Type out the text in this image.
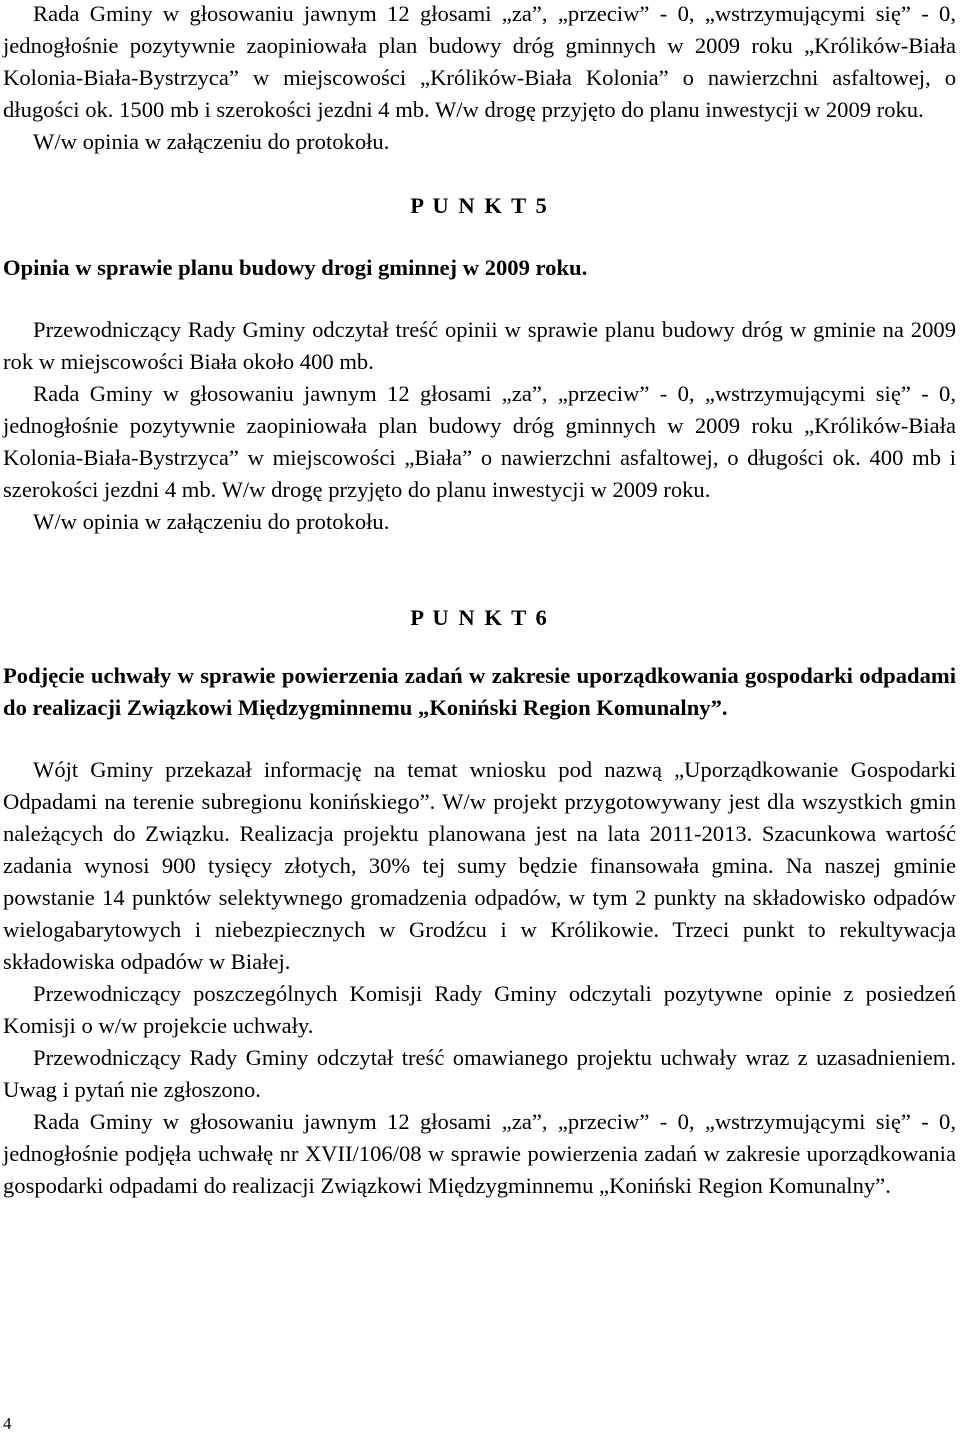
Rada Gminy w głosowaniu jawnym 12 głosami „za”, „przeciw” - 0, „wstrzymującymi się” - 0, jednogłośnie pozytywnie zaopiniowała plan budowy dróg gminnych w 2009 roku „Królików-Biała Kolonia-Biała-Bystrzyca” w miejscowości „Królików-Biała Kolonia” o nawierzchni asfaltowej, o długości ok. 1500 mb i szerokości jezdni 4 mb. W/w drogę przyjęto do planu inwestycji w 2009 roku.

W/w opinia w załączeniu do protokołu.

P U N K T 5

Opinia w sprawie planu budowy drogi gminnej w 2009 roku.

Przewodniczący Rady Gminy odczytał treść opinii w sprawie planu budowy dróg w gminie na 2009 rok w miejscowości Biała około 400 mb.

Rada Gminy w głosowaniu jawnym 12 głosami „za”, „przeciw” - 0, „wstrzymującymi się” - 0, jednogłośnie pozytywnie zaopiniowała plan budowy dróg gminnych w 2009 roku „Królików-Biała Kolonia-Biała-Bystrzyca” w miejscowości „Biała” o nawierzchni asfaltowej, o długości ok. 400 mb i szerokości jezdni 4 mb. W/w drogę przyjęto do planu inwestycji w 2009 roku.

W/w opinia w załączeniu do protokołu.

P U N K T 6

Podjęcie uchwały w sprawie powierzenia zadań w zakresie uporządkowania gospodarki odpadami do realizacji Związkowi Międzygminnemu „Koniński Region Komunalny”.

Wójt Gminy przekazał informację na temat wniosku pod nazwą „Uporządkowanie Gospodarki Odpadami na terenie subregionu konińskiego”. W/w projekt przygotowywany jest dla wszystkich gmin należących do Związku. Realizacja projektu planowana jest na lata 2011-2013. Szacunkowa wartość zadania wynosi 900 tysięcy złotych, 30% tej sumy będzie finansowała gmina. Na naszej gminie powstanie 14 punktów selektywnego gromadzenia odpadów, w tym 2 punkty na składowisko odpadów wielogabarytowych i niebezpiecznych w Grodźcu i w Królikowie. Trzeci punkt to rekultywacja składowiska odpadów w Białej.

Przewodniczący poszczególnych Komisji Rady Gminy odczytali pozytywne opinie z posiedzeń Komisji o w/w projekcie uchwały.

Przewodniczący Rady Gminy odczytał treść omawianego projektu uchwały wraz z uzasadnieniem. Uwag i pytań nie zgłoszono.

Rada Gminy w głosowaniu jawnym 12 głosami „za”, „przeciw” - 0, „wstrzymującymi się” - 0, jednogłośnie podjęła uchwałę nr XVII/106/08 w sprawie powierzenia zadań w zakresie uporządkowania gospodarki odpadami do realizacji Związkowi Międzygminnemu „Koniński Region Komunalny”.

4
